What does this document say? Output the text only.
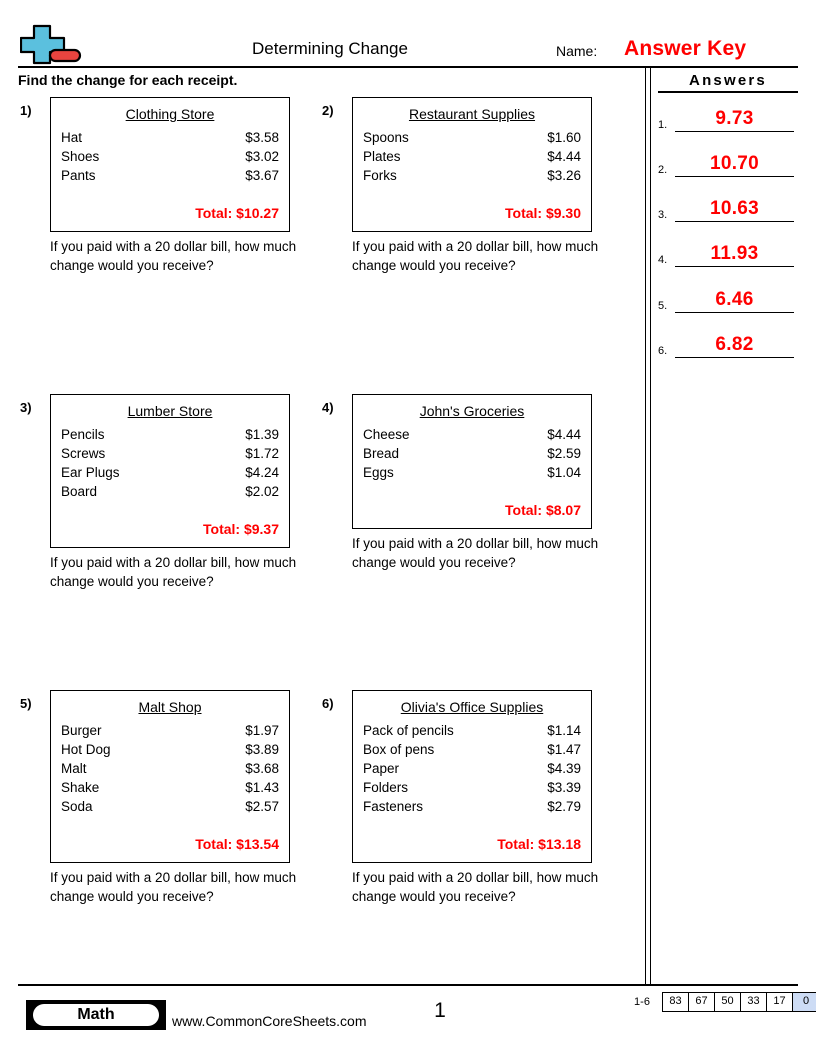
Determining Change	Name: Answer Key
Find the change for each receipt.	Answers
1.	9.73
2.	10.70
3.	10.63
4.	11.93
5.	6.46
6.	6.82
1)	Clothing Store
Hat	$3.58
Shoes	$3.02
Pants	$3.67
Total: $10.27
If you paid with a 20 dollar bill, how much change would you receive?
2)	Restaurant Supplies
Spoons	$1.60
Plates	$4.44
Forks	$3.26
Total: $9.30
If you paid with a 20 dollar bill, how much change would you receive?
3)	Lumber Store
Pencils	$1.39
Screws	$1.72
Ear Plugs	$4.24
Board	$2.02
Total: $9.37
If you paid with a 20 dollar bill, how much change would you receive?
4)	John's Groceries
Cheese	$4.44
Bread	$2.59
Eggs	$1.04
Total: $8.07
If you paid with a 20 dollar bill, how much change would you receive?
5)	Malt Shop
Burger	$1.97
Hot Dog	$3.89
Malt	$3.68
Shake	$1.43
Soda	$2.57
Total: $13.54
If you paid with a 20 dollar bill, how much change would you receive?
6)	Olivia's Office Supplies
Pack of pencils	$1.14
Box of pens	$1.47
Paper	$4.39
Folders	$3.39
Fasteners	$2.79
Total: $13.18
If you paid with a 20 dollar bill, how much change would you receive?
Math	www.CommonCoreSheets.com	1	1-6	83	67	50	33	17	0
